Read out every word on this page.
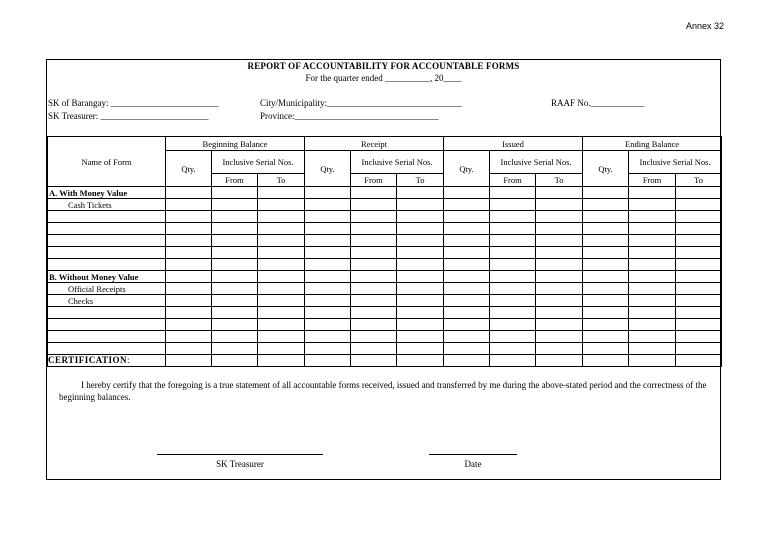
Annex 32
REPORT OF ACCOUNTABILITY FOR ACCOUNTABLE FORMS
For the quarter ended __________, 20____
SK of Barangay: ________________________	City/Municipality:______________________________	RAAF No.____________
SK Treasurer: ________________________	Province:________________________________
Name of Form	Beginning Balance			Receipt			Issued			Ending Balance		
	Qty.	Inclusive Serial Nos.		Qty.	Inclusive Serial Nos.		Qty.	Inclusive Serial Nos.		Qty.	Inclusive Serial Nos.	
		From	To		From	To		From	To		From	To
A. With Money Value												
Cash Tickets												

B. Without Money Value												
Official Receipts												
Checks												

CERTIFICATION:
I hereby certify that the foregoing is a true statement of all accountable forms received, issued and transferred by me during the above-stated period and the correctness of the beginning balances.
SK Treasurer	Date
